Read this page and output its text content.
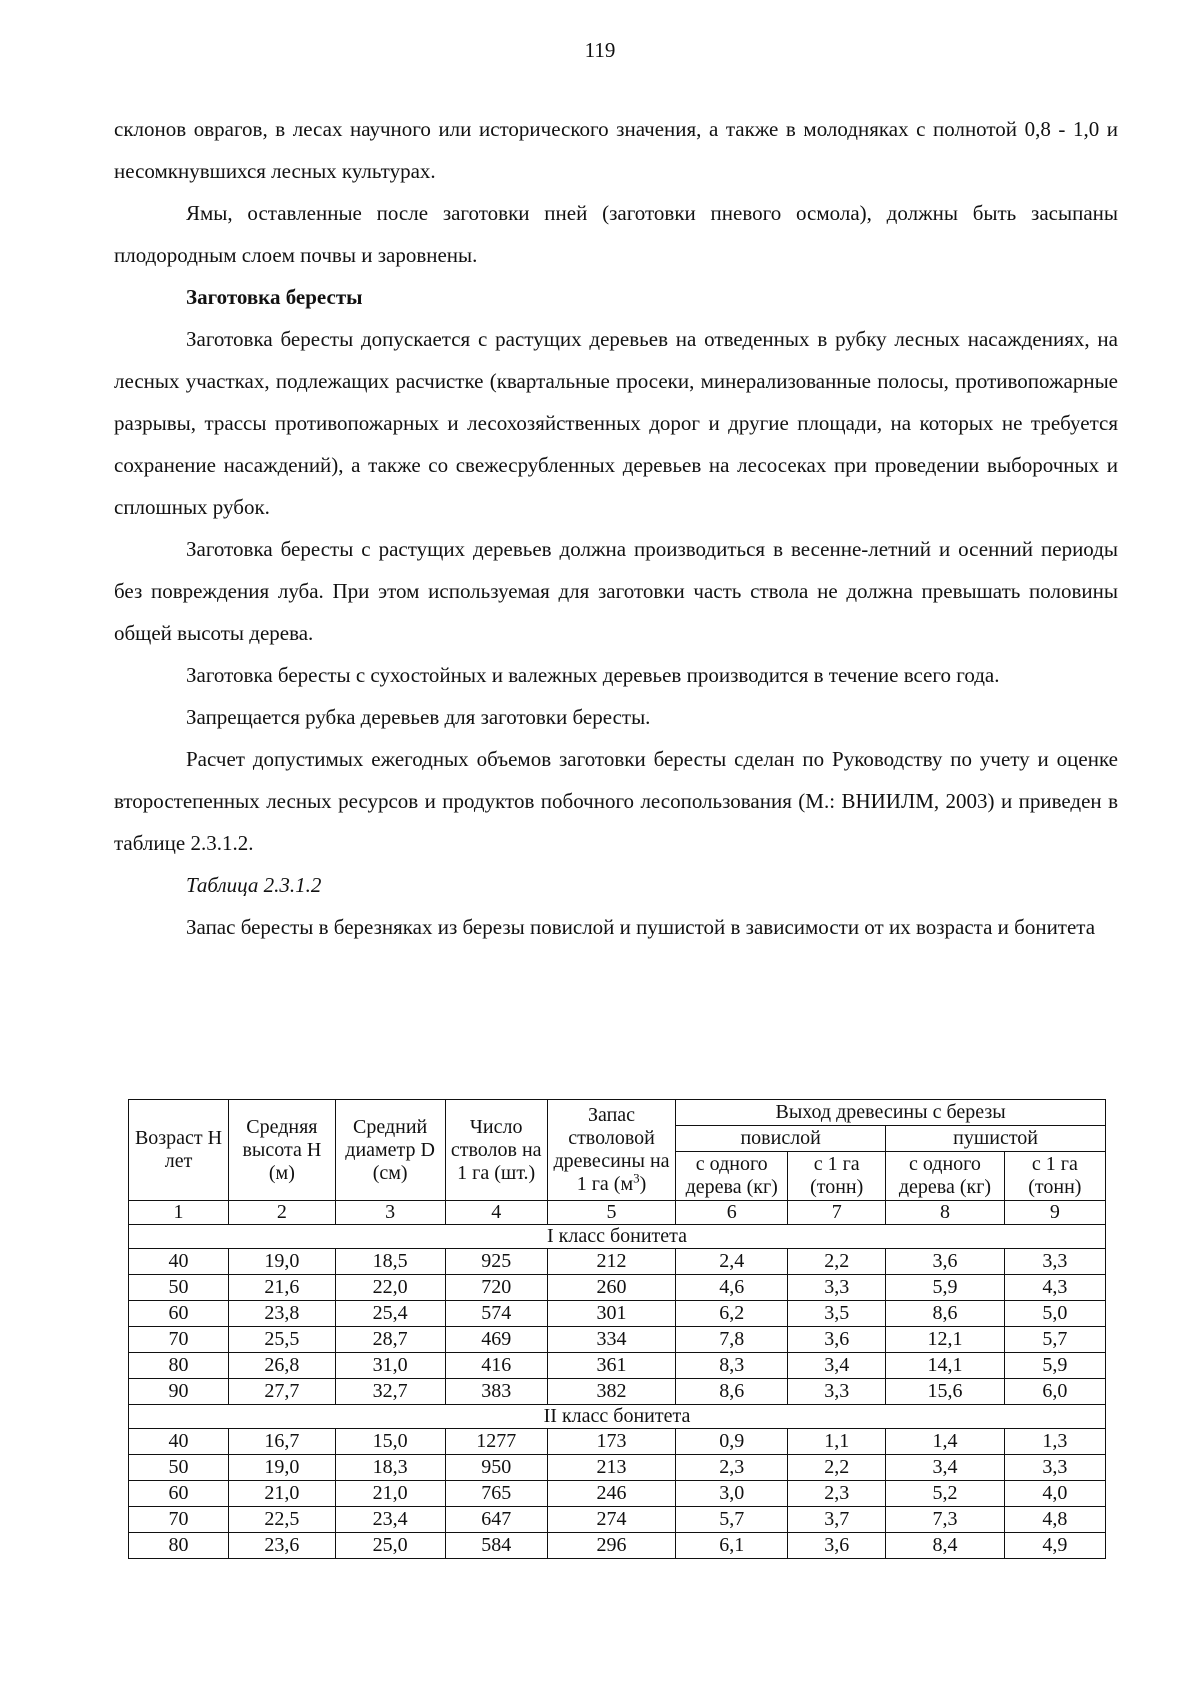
119

склонов оврагов, в лесах научного или исторического значения, а также в молодняках с полнотой 0,8 - 1,0 и несомкнувшихся лесных культурах.

Ямы, оставленные после заготовки пней (заготовки пневого осмола), должны быть засыпаны плодородным слоем почвы и заровнены.

Заготовка бересты

Заготовка бересты допускается с растущих деревьев на отведенных в рубку лесных насаждениях, на лесных участках, подлежащих расчистке (квартальные просеки, минерализованные полосы, противопожарные разрывы, трассы противопожарных и лесохозяйственных дорог и другие площади, на которых не требуется сохранение насаждений), а также со свежесрубленных деревьев на лесосеках при проведении выборочных и сплошных рубок.

Заготовка бересты с растущих деревьев должна производиться в весенне-летний и осенний периоды без повреждения луба. При этом используемая для заготовки часть ствола не должна превышать половины общей высоты дерева.

Заготовка бересты с сухостойных и валежных деревьев производится в течение всего года.

Запрещается рубка деревьев для заготовки бересты.

Расчет допустимых ежегодных объемов заготовки бересты сделан по Руководству по учету и оценке второстепенных лесных ресурсов и продуктов побочного лесопользования (М.: ВНИИЛМ, 2003) и приведен в таблице 2.3.1.2.

Таблица 2.3.1.2

Запас бересты в березняках из березы повислой и пушистой в зависимости от их возраста и бонитета

Возраст Н лет	Средняя высота Н (м)	Средний диаметр D (см)	Число стволов на 1 га (шт.)	Запас стволовой древесины на 1 га $(м^3)$	Выход древесины с березы			
					повислой		пушистой	
					с одного дерева (кг)	с 1 га (тонн)	с одного дерева (кг)	с 1 га (тонн)
1	2	3	4	5	6	7	8	9
I класс бонитета								
40	19,0	18,5	925	212	2,4	2,2	3,6	3,3
50	21,6	22,0	720	260	4,6	3,3	5,9	4,3
60	23,8	25,4	574	301	6,2	3,5	8,6	5,0
70	25,5	28,7	469	334	7,8	3,6	12,1	5,7
80	26,8	31,0	416	361	8,3	3,4	14,1	5,9
90	27,7	32,7	383	382	8,6	3,3	15,6	6,0
II класс бонитета								
40	16,7	15,0	1277	173	0,9	1,1	1,4	1,3
50	19,0	18,3	950	213	2,3	2,2	3,4	3,3
60	21,0	21,0	765	246	3,0	2,3	5,2	4,0
70	22,5	23,4	647	274	5,7	3,7	7,3	4,8
80	23,6	25,0	584	296	6,1	3,6	8,4	4,9
